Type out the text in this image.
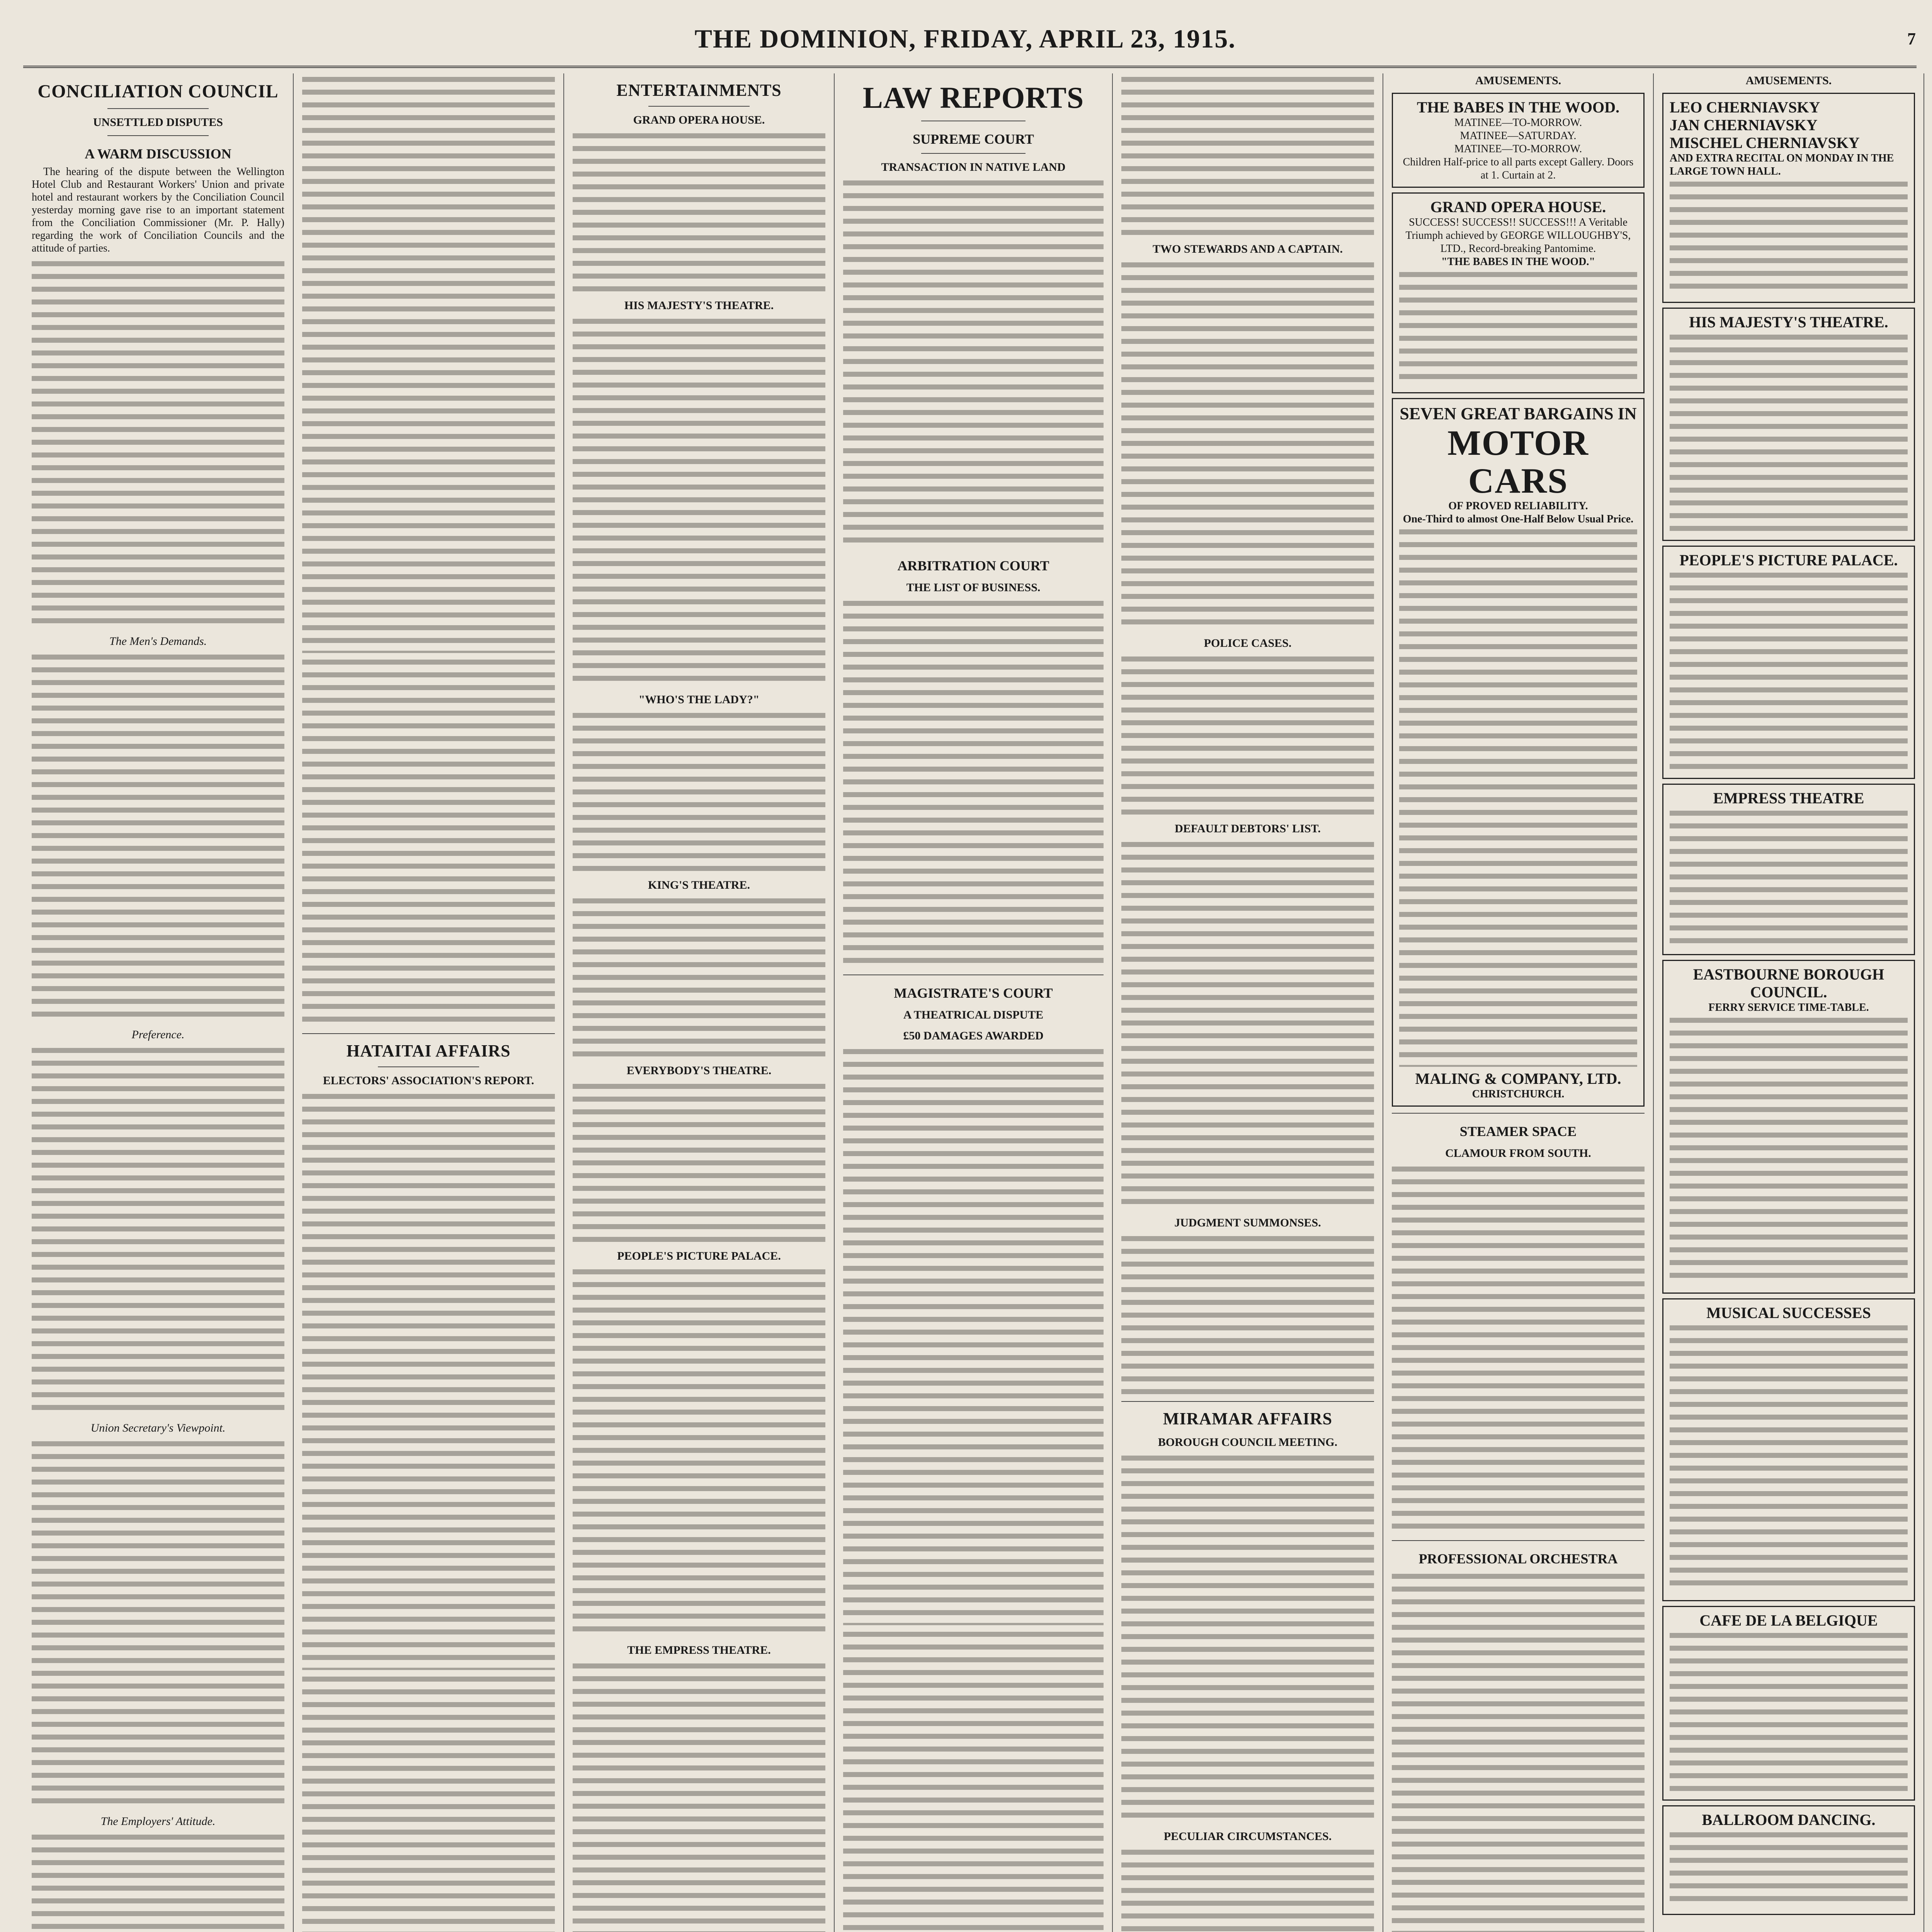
THE DOMINION, FRIDAY, APRIL 23, 1915.	7
CONCILIATION COUNCIL
UNSETTLED DISPUTES
A WARM DISCUSSION

The hearing of the dispute between the Wellington Hotel Club and Restaurant Workers' Union and private hotel and restaurant workers by the Conciliation Council yesterday morning gave rise to an important statement from the Conciliation Commissioner (Mr. P. Hally) regarding the work of Conciliation Councils and the attitude of parties.

The Men's Demands.
Preference.
Union Secretary's Viewpoint.
The Employers' Attitude.
HATAITAI AFFAIRS
ELECTORS' ASSOCIATION'S REPORT.

ENTERTAINMENTS
GRAND OPERA HOUSE.
HIS MAJESTY'S THEATRE.
"WHO'S THE LADY?"
KING'S THEATRE.
EVERYBODY'S THEATRE.
PEOPLE'S PICTURE PALACE.
THE EMPRESS THEATRE.
LAW REPORTS
SUPREME COURT
TRANSACTION IN NATIVE LAND
ARBITRATION COURT
THE LIST OF BUSINESS.
MAGISTRATE'S COURT
A THEATRICAL DISPUTE
£50 DAMAGES AWARDED
TWO STEWARDS AND A CAPTAIN.
POLICE CASES.
DEFAULT DEBTORS' LIST.
JUDGMENT SUMMONSES.
MIRAMAR AFFAIRS
BOROUGH COUNCIL MEETING.
PECULIAR CIRCUMSTANCES.
AMUSEMENTS.
THE BABES IN THE WOOD.
MATINEE—TO-MORROW.
MATINEE—SATURDAY.
MATINEE—TO-MORROW.
Children Half-price to all parts except Gallery. Doors at 1. Curtain at 2.
GRAND OPERA HOUSE.
SUCCESS! SUCCESS!! SUCCESS!!! A Veritable Triumph achieved by GEORGE WILLOUGHBY'S, LTD., Record-breaking Pantomime.
"THE BABES IN THE WOOD."
SEVEN GREAT BARGAINS IN
MOTOR CARS
OF PROVED RELIABILITY.
One-Third to almost One-Half Below Usual Price.
MALING & COMPANY, LTD.
CHRISTCHURCH.
STEAMER SPACE
CLAMOUR FROM SOUTH.
PROFESSIONAL ORCHESTRA

AMUSEMENTS.
LEO CHERNIAVSKY
JAN CHERNIAVSKY
MISCHEL CHERNIAVSKY
AND EXTRA RECITAL ON MONDAY IN THE LARGE TOWN HALL.
HIS MAJESTY'S THEATRE.
PEOPLE'S PICTURE PALACE.
EMPRESS THEATRE
EASTBOURNE BOROUGH COUNCIL.
FERRY SERVICE TIME-TABLE.
MUSICAL SUCCESSES
CAFE DE LA BELGIQUE
BALLROOM DANCING.
